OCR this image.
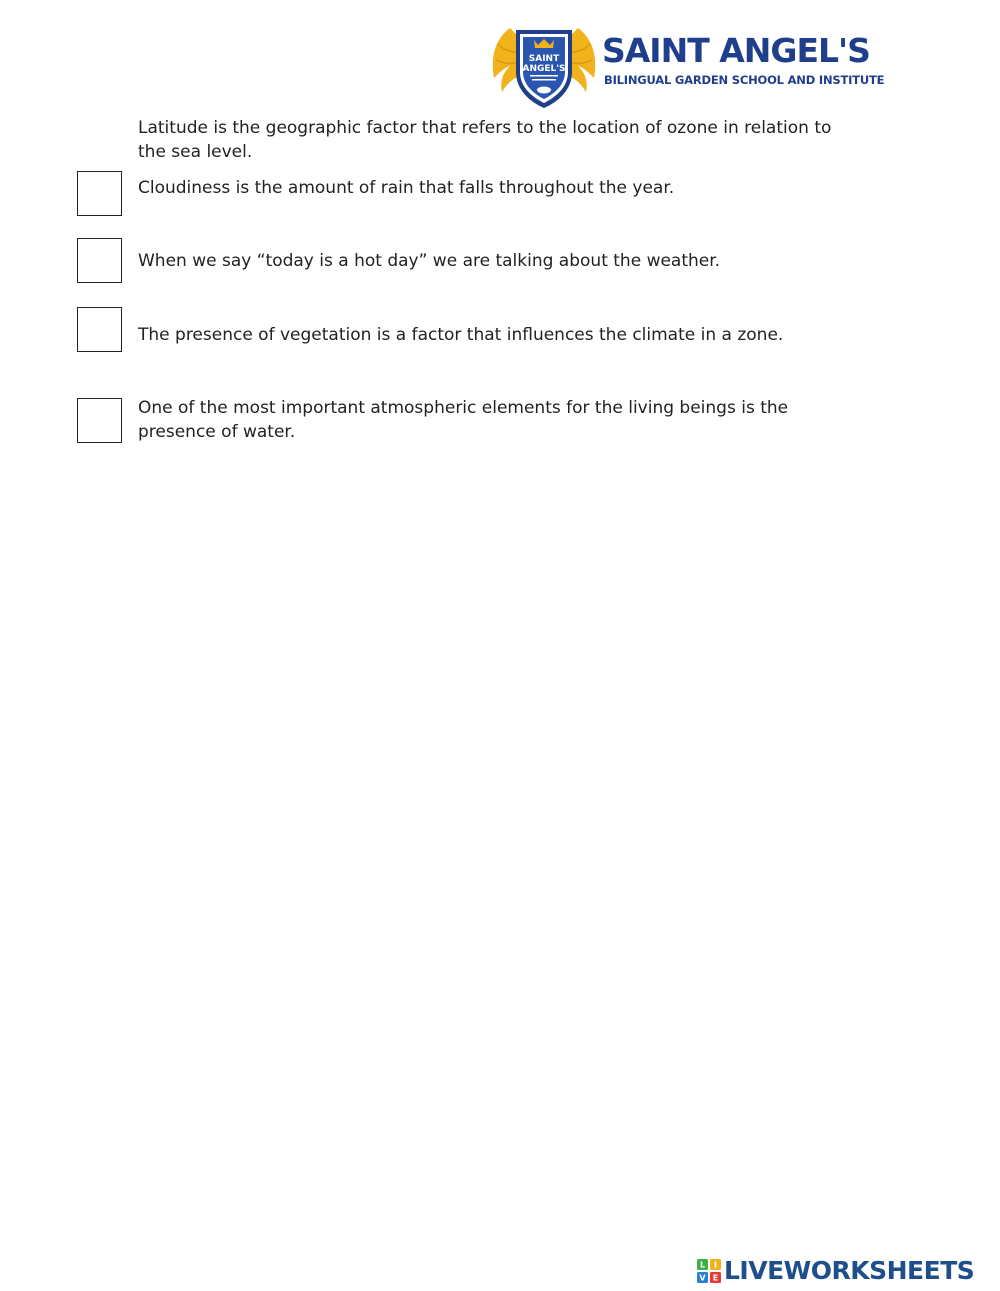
SAINT
ANGEL'S SAINT ANGEL'S
BILINGUAL GARDEN SCHOOL AND INSTITUTE
Latitude is the geographic factor that refers to the location of ozone in relation to the sea level.
Cloudiness is the amount of rain that falls throughout the year.
When we say “today is a hot day” we are talking about the weather.
The presence of vegetation is a factor that influences the climate in a zone.
One of the most important atmospheric elements for the living beings is the presence of water.
L I
V E LIVEWORKSHEETS
